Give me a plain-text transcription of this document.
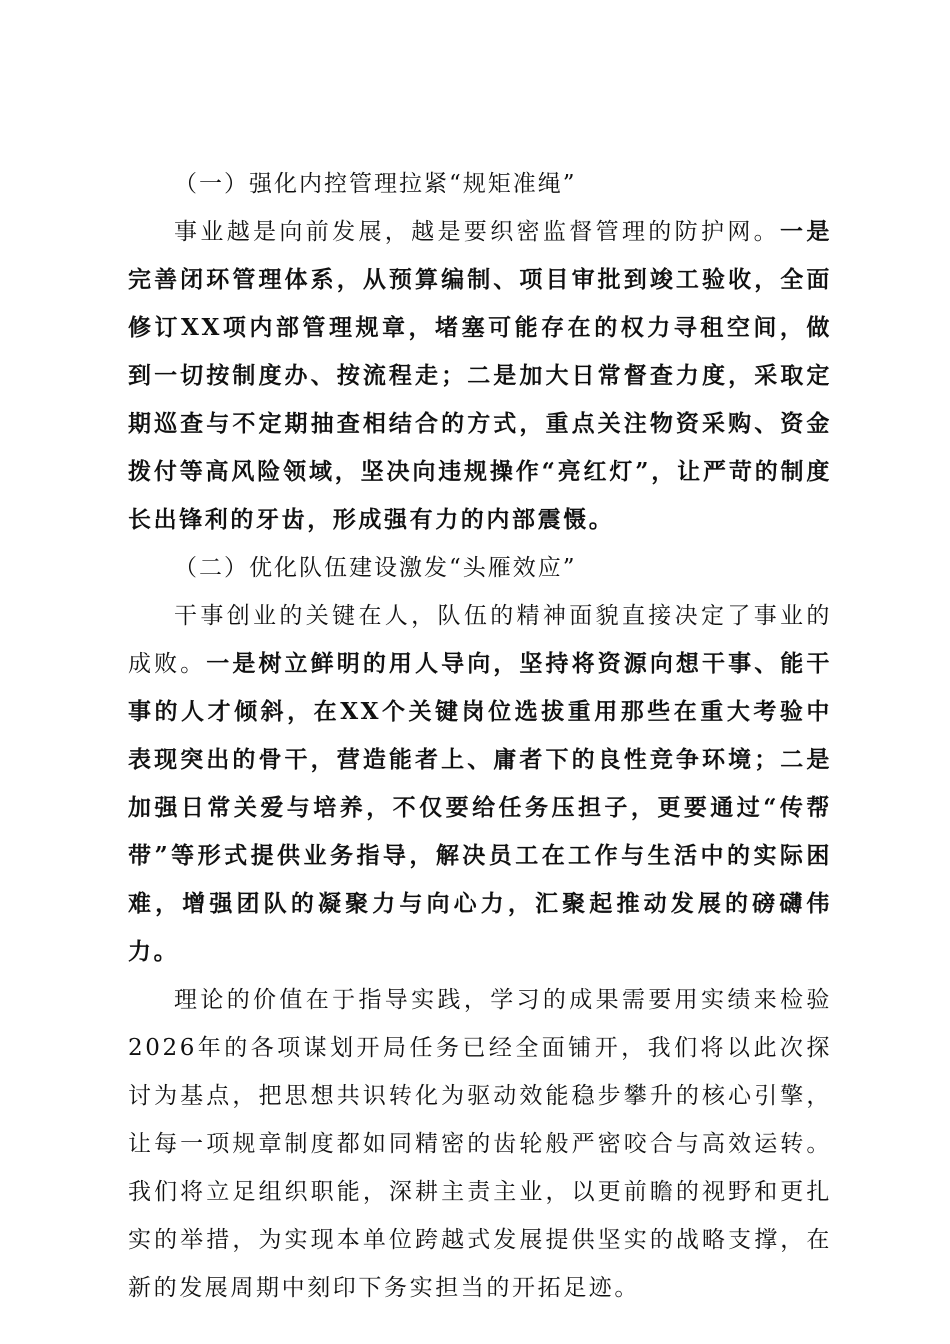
（一）强化内控管理拉紧“规矩准绳”

事业越是向前发展，越是要织密监督管理的防护网。一是完善闭环管理体系，从预算编制、项目审批到竣工验收，全面修订XX项内部管理规章，堵塞可能存在的权力寻租空间，做到一切按制度办、按流程走；二是加大日常督查力度，采取定期巡查与不定期抽查相结合的方式，重点关注物资采购、资金拨付等高风险领域，坚决向违规操作“亮红灯”，让严苛的制度长出锋利的牙齿，形成强有力的内部震慑。

（二）优化队伍建设激发“头雁效应”

干事创业的关键在人，队伍的精神面貌直接决定了事业的成败。一是树立鲜明的用人导向，坚持将资源向想干事、能干事的人才倾斜，在XX个关键岗位选拔重用那些在重大考验中表现突出的骨干，营造能者上、庸者下的良性竞争环境；二是加强日常关爱与培养，不仅要给任务压担子，更要通过“传帮带”等形式提供业务指导，解决员工在工作与生活中的实际困难，增强团队的凝聚力与向心力，汇聚起推动发展的磅礴伟力。

理论的价值在于指导实践，学习的成果需要用实绩来检验2026年的各项谋划开局任务已经全面铺开，我们将以此次探讨为基点，把思想共识转化为驱动效能稳步攀升的核心引擎，让每一项规章制度都如同精密的齿轮般严密咬合与高效运转。我们将立足组织职能，深耕主责主业，以更前瞻的视野和更扎实的举措，为实现本单位跨越式发展提供坚实的战略支撑，在新的发展周期中刻印下务实担当的开拓足迹。
